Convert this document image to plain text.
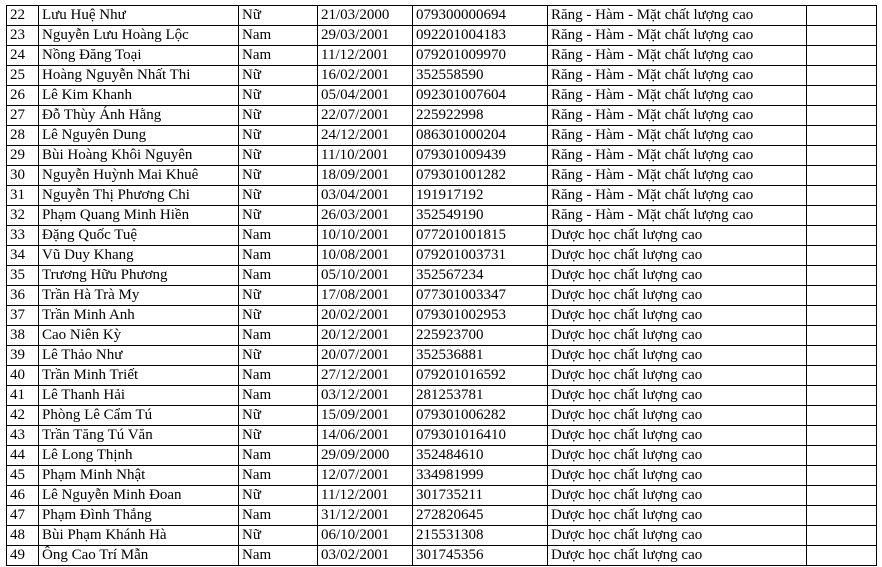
22	Lưu Huệ Như	Nữ	21/03/2000	079300000694	Răng - Hàm - Mặt chất lượng cao	
23	Nguyễn Lưu Hoàng Lộc	Nam	29/03/2001	092201004183	Răng - Hàm - Mặt chất lượng cao	
24	Nồng Đăng Toại	Nam	11/12/2001	079201009970	Răng - Hàm - Mặt chất lượng cao	
25	Hoàng Nguyễn Nhất Thi	Nữ	16/02/2001	352558590	Răng - Hàm - Mặt chất lượng cao	
26	Lê Kim Khanh	Nữ	05/04/2001	092301007604	Răng - Hàm - Mặt chất lượng cao	
27	Đỗ Thùy Ánh Hằng	Nữ	22/07/2001	225922998	Răng - Hàm - Mặt chất lượng cao	
28	Lê Nguyên Dung	Nữ	24/12/2001	086301000204	Răng - Hàm - Mặt chất lượng cao	
29	Bùi Hoàng Khôi Nguyên	Nữ	11/10/2001	079301009439	Răng - Hàm - Mặt chất lượng cao	
30	Nguyễn Huỳnh Mai Khuê	Nữ	18/09/2001	079301001282	Răng - Hàm - Mặt chất lượng cao	
31	Nguyễn Thị Phương Chi	Nữ	03/04/2001	191917192	Răng - Hàm - Mặt chất lượng cao	
32	Phạm Quang Minh Hiền	Nữ	26/03/2001	352549190	Răng - Hàm - Mặt chất lượng cao	
33	Đặng Quốc Tuệ	Nam	10/10/2001	077201001815	Dược học chất lượng cao	
34	Vũ Duy Khang	Nam	10/08/2001	079201003731	Dược học chất lượng cao	
35	Trương Hữu Phương	Nam	05/10/2001	352567234	Dược học chất lượng cao	
36	Trần Hà Trà My	Nữ	17/08/2001	077301003347	Dược học chất lượng cao	
37	Trần Minh Anh	Nữ	20/02/2001	079301002953	Dược học chất lượng cao	
38	Cao Niên Kỳ	Nam	20/12/2001	225923700	Dược học chất lượng cao	
39	Lê Thảo Như	Nữ	20/07/2001	352536881	Dược học chất lượng cao	
40	Trần Minh Triết	Nam	27/12/2001	079201016592	Dược học chất lượng cao	
41	Lê Thanh Hải	Nam	03/12/2001	281253781	Dược học chất lượng cao	
42	Phòng Lê Cẩm Tú	Nữ	15/09/2001	079301006282	Dược học chất lượng cao	
43	Trần Tăng Tú Văn	Nữ	14/06/2001	079301016410	Dược học chất lượng cao	
44	Lê Long Thịnh	Nam	29/09/2000	352484610	Dược học chất lượng cao	
45	Phạm Minh Nhật	Nam	12/07/2001	334981999	Dược học chất lượng cao	
46	Lê Nguyễn Minh Đoan	Nữ	11/12/2001	301735211	Dược học chất lượng cao	
47	Phạm Đình Thắng	Nam	31/12/2001	272820645	Dược học chất lượng cao	
48	Bùi Phạm Khánh Hà	Nữ	06/10/2001	215531308	Dược học chất lượng cao	
49	Ông Cao Trí Mẫn	Nam	03/02/2001	301745356	Dược học chất lượng cao	
